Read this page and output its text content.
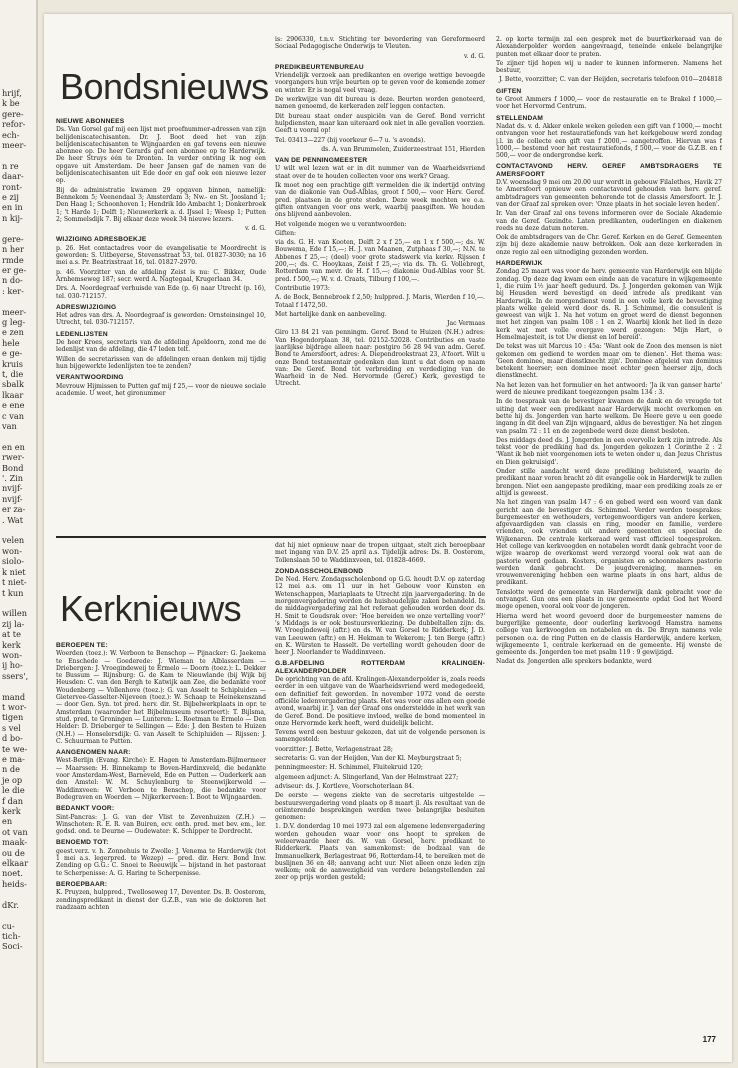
hrijf,
k be
gere-
refor-
ech-
meer-

n re
daar-
ront-
e zij
en in
n kij-

gere-
n her
rmde
er ge-
n do-
: ker-

meer-
g leg-
e zen
hele
e ge-
kruis
t, die
sbalk
lkaar
e ene
c van
van

en en
rwer-
Bond
'. Zin
nvijf-
nvijf-
er za-
. Wat

velen
won-
siolo-
k niet
t niet-
t kun

willen
zij la-
at te
kerk
won-
ij ho-
ssers',

mand
t wor-
tigen
s vel
d bo-
te we-
e ma-
n de
je op
le die
f dan
kerk
en
ot van
maak-
ou de
elkaar
noet.
heids-

dKr.

cu-
tich-
Soci-
Bondsnieuws
NIEUWE ABONNEES

Ds. Van Gorsel gaf mij een lijst met proefnummer-adressen van zijn belijdeniscatechisanten. Dr. J. Boot deed het van zijn belijdeniscatechisanten te Wijngaarden en gaf tevens een nieuwe abonnee op. De heer Gerards gaf een abonnee op te Harderwijk. De heer Struys één te Dronten. In verder ontving ik nog een opgave uit Amsterdam. De heer Jansen gaf de namen van de belijdeniscatechisanten uit Ede door en gaf ook een nieuwe lezer op.

Bij de administratie kwamen 29 opgaven binnen, namelijk: Bennekom 5; Veenendaal 3; Amsterdam 3; Nw.- en St. Joosland 1; Den Haag 1; Schoonhoven 1; Hendrik Ido Ambacht 1; Donkerbroek 1; 't Harde 1; Delft 1; Nieuwerkerk a. d. IJssel 1; Weesp 1; Putten 2; Sommelsdijk 7. Bij elkaar deze week 34 nieuwe lezers.

v. d. G.

WIJZIGING ADRESBOEKJE

p. 26. Het contactadres voor de evangelisatie te Moordrecht is geworden: S. Uitbeyerse, Stevensstraat 53, tel. 01827-3030; na 16 mei a.s. Pr. Beatrixstraat 16, tel. 01827-2970.

p. 46. Voorzitter van de afdeling Zeist is nu: C. Bikker, Oude Arnhemseweg 187; secr. werd A. Nagtegaal, Krugerlaan 34.

Drs. A. Noordegraaf verhuisde van Ede (p. 6) naar Utrecht (p. 16), tel. 030-712157.

ADRESWIJZIGING

Het adres van drs. A. Noordegraaf is geworden: Ornsteinsingel 10, Utrecht, tel. 030-712157.

LEDENLIJSTEN

De heer Kroes, secretaris van de afdeling Apeldoorn, zond me de ledenlijst van de afdeling, die 47 leden telt.

Willen de secretarissen van de afdelingen eraan denken mij tijdig hun bijgewerkte ledenlijsten toe te zenden?

VERANTWOORDING

Mevrouw Hijmissen te Putten gaf mij f 25,— voor de nieuwe sociale academie. U weet, het gironummer

is: 2906330, t.n.v. Stichting ter bevordering van Gereformeerd Sociaal Pedagogische Onderwijs te Vleuten.

v. d. G.

PREDIKBEURTENBUREAU

Vriendelijk verzoek aan predikanten en overige wettige bevoegde voorgangers hun vrije beurten op te geven voor de komende zomer en winter. Er is nogal veel vraag.

De werkwijze van dit bureau is deze. Beurten worden genoteerd, namen genoemd, de kerkeraden zelf leggen contacten.

Dit bureau staat onder auspiciën van de Geref. Bond verricht hulpdiensten, maar kan uiteraard ook niet in alle gevallen voorzien. Geeft u vooral op!

Tel. 03413—227 (bij voorkeur 6—7 u. 's avonds).

ds. A. van Brummelen, Zuiderzeestraat 151, Hierden

VAN DE PENNINGMEESTER

U wilt wel lezen wat er in dit nummer van de Waarheidsvriend staat over de te houden collecten voor ons werk? Graag.

Ik moet nog een prachtige gift vermelden die ik indertijd ontving van de diakonie van Oud-Alblas, groot f 500,— voor Herv. Geref. pred. plaatsen in de grote steden. Deze week mochten we o.a. giften ontvangen voor ons werk, waarbij paasgiften. We houden ons blijvend aanbevolen.

Het volgende mogen we u verantwoorden:

Giften:

via ds. G. H. van Kooten, Delft 2 x f 25,— en 1 x f 500,—; ds. W. Bouwema, Ede f 15,—; H. J. van Maanen, Zutphaas f 30,—; N.N. te Abbenes f 25,—; (deel) voor grote stadswerk via kerkv. Rijssen f 200,—; ds. C. Hooykaas, Zeist f 25,—; via ds. Th. G. Vollebregt, Rotterdam van mevr. de H. f 15,—; diakonie Oud-Alblas voor St. pred. f 500,—; W. v. d. Craats, Tilburg f 100,—.

Contributie 1973:

A. de Bock, Bennebroek f 2,50; hulppred. J. Maris, Wierden f 10,—. Totaal f 1472,50.

Met hartelijke dank en aanbeveling.

Jac Vermaas

Giro 13 84 21 van penningm. Geref. Bond te Huizen (N.H.) adres: Van Hogendorplaan 38, tel. 02152-52028. Contributies en vaste jaarlijkse bijdrage alleen naar: postgiro 56 28 94 van adm. Geref. Bond te Amersfoort, adres: A. Diependrookstraat 23, A'foort. Wilt u onze Bond testamentair gedenken dan kunt u dat doen op naam van: De Geref. Bond tot verbreiding en verdediging van de Waarheid in de Ned. Hervormde (Geref.) Kerk, gevestigd te Utrecht.

2. op korte termijn zal een gesprek met de buurtkerkeraad van de Alexanderpolder worden aangevraagd, teneinde enkele belangrijke punten met elkaar door te praten.

Te zijner tijd hopen wij u nader te kunnen informeren. Namens het bestuur,

J. Bette, voorzitter; C. van der Heijden, secretaris telefoon 010—204818

GIFTEN

te Groot Ammers f 1000,— voor de restauratie en te Brakel f 1000,— voor het Hervormd Centrum.

STELLENDAM

Nadat ds. v. d. Akker enkele weken geleden een gift van f 1000,— mocht ontvangen voor het restauratiefonds van het kerkgebouw werd zondag j.l. in de collecte een gift van f 2000,— aangetroffen. Hiervan was f 1000,— bestemd voor het restauratiefonds, f 500,— voor de G.Z.B. en f 500,— voor de ondergrondse kerk.

CONTACTAVOND HERV. GEREF AMBTSDRAGERS TE AMERSFOORT

D.V. woensdag 9 mei om 20.00 uur wordt in gebouw Filalethes, Havik 27 te Amersfoort opnieuw een contactavond gehouden van herv. geref. ambtsdragers van gemeenten behorende tot de classis Amersfoort. Ir. J. van der Graaf zal spreken over: 'Onze plaats in het sociale leven heden'.

Ir. Van der Graaf zal ons tevens informeren over de Sociale Akademie van de Geref. Gezindte. Laten predikanten, ouderlingen en diakenen reeds nu deze datum noteren.

Ook de ambtsdragers van de Chr. Geref. Kerken en de Geref. Gemeenten zijn bij deze akademie nauw betrokken. Ook aan deze kerkeraden in onze regio zal een uitnodiging gezonden worden.

HARDERWIJK

Zondag 25 maart was voor de herv. gemeente van Harderwijk een blijde zondag. Op deze dag kwam een einde aan de vacature in wijkgemeente 1, die ruim 1½ jaar heeft geduurd. Ds. J. Jongerden gekomen van Wijk bij Heusden werd bevestigd en deed intrede als predikant van Harderwijk. In de morgendienst vond in een volle kerk de bevestiging plaats welke geleid werd door ds. R. J. Schimmel, die consulent is geweest van wijk 1. Na het votum en groet werd de dienst begonnen met het zingen van psalm 108 : 1 en 2. Waarbij klonk het lied in deze kerk wat met volle overgave werd gezongen: 'Mijn Hart, o Hemelmajesteit, is tot Uw dienst en lof bereid'.

De tekst was uit Marcus 10 : 45a: 'Want ook de Zoon des mensen is niet gekomen om gediend te worden maar om te dienen'. Het thema was: 'Geen dominee, maar dienstknecht zijn'. Dominee afgeleid van dominus betekent heerser; een dominee moet echter geen heerser zijn, doch dienstknecht.

Na het lezen van het formulier en het antwoord: 'Ja ik van ganser harte' werd de nieuwe predikant toegezongen psalm 134 : 3.

In de toespraak van de bevestiger kwamen de dank en de vreugde tot uiting dat weer een predikant naar Harderwijk mocht overkomen en bette hij ds. Jongerden van harte welkom. De Heere geve u een goede ingang in dit deel van Zijn wijngaard, aldus de bevestiger. Na het zingen van psalm 72 : 11 en de zegenbede werd deze dienst besloten.

Des middags deed ds. J. Jongerden in een overvolle kerk zijn intrede. Als tekst voor de prediking had ds. Jongerden gekozen 1 Corinthe 2 : 2 'Want ik heb niet voorgenomen iets te weten onder u, dan Jezus Christus en Dien gekruisigd'.

Onder stille aandacht werd deze prediking beluisterd, waarin de predikant naar voren bracht zó dit evangelie ook in Harderwijk te zullen brengen. Niet een aangepaste prediking, maar een prediking zoals ze er altijd is geweest.

Na het zingen van psalm 147 : 6 en gebed werd een woord van dank gericht aan de bevestiger ds. Schimmel. Verder werden toesprakes: burgemeester en wethouders, vertegenwoordigers van andere kerken, afgevaardigden van classis en ring, mooder en familie, verdere vrienden, ook vrienden uit andere gemeenten en speciaal de Wijkenaren. De centrale kerkeraad werd vast officieel toegesproken. Het college van kerkvoogden en notabelen wordt dank gebracht voor de wijze waarop de overkomst werd verzorgd vooral ook wat aan de pastorie werd gedaan. Kosters, organisten en schoonmakers pastorie werden dank gebracht. De jeugdvereniging, mannen- en vrouwenvereniging hebben een warme plaats in ons hart, aldus de predikant.

Tenslotte werd de gemeente van Harderwijk dank gebracht voor de ontvangst. Gun ons een plaats in uw gemeente opdat God het Woord moge openen, vooral ook voor de jongeren.

Hierna werd het woord gevoerd door de burgemeester namens de burgerlijke gemeente, door ouderling kerkvoogd Hamstra namens college van kerkvoogden en notabelen en ds. De Bruyn namens vele personen o.a. de ring Putten en de classis Harderwijk, andere kerken, wijkgemeente 1, centrale kerkeraad en de gemeente. Hij wenste de gemeente ds. Jongerden toe met psalm 119 : 9 gewijzigd.

Nadat ds. Jongerden alle sprekers bedankte, werd

Kerknieuws
BEROEPEN TE:

Woerden (toez.): W. Verboon te Benschop — Pijnacker: G. Jaekema te Enschede — Goederede: J. Wieman te Alblasserdam — Driebergen: J. Vroegindeweij te Ermelo — Doorn (toez.): L. Dekker te Bussum — Rijnsburg: G. de Kam te Nieuwlande (bij Wijk bij Heusden: C. van den Bergh te Katwijk aan Zee, die bedankte voor Woudenberg — Vollenhove (toez.): G. van Asselt te Schipluiden — Gietervee-Gasselter-Nijeveen (toez.): W. Schaap te Heinekenszand — door Gen. Syn. tot pred. herv. dir. St. Bijbelwerkplaats in opr. te Amsterdam (waaronder het Bijbelmuseum resorteert): T. Bijlsma, stud. pred. te Groningen — Lunteren: L. Roetman te Ermelo — Den Helder: D. Drieberger te Sellingen — Ede: J. den Besten te Huizen (N.H.) — Honselersdijk: G. van Asselt te Schipluiden — Rijssen: J. C. Schuurman te Putten.

AANGENOMEN NAAR:

West-Berlijn (Evang. Kirche): E. Hagen te Amsterdam-Bijlmermeer — Maarssen: H. Binnekamp te Boven-Hardinxveld, die bedankte voor Amsterdam-West, Barneveld, Ede en Putten — Ouderkerk aan den Amstel: W. M. Schuylenburg te Steenwijkerwold — Waddinxveen: W. Verboon te Benschop, die bedankte voor Bodegraven en Woerden — Nijkerkerveen: I. Boot te Wijngaarden.

BEDANKT VOOR:

Sint-Pancras: J. G. van der Vlist te Zevenhuizen (Z.H.) — Winschoten: R. E. R. van Buiren, ecv. onth. pred. met bev. em., ler. godsd. ond. te Deurne — Oudewater: K. Schipper te Dordrecht.

BENOEMD TOT:

geest.verz. v. h. Zonnehuis te Zwolle: J. Venema te Harderwijk (tot 1 mei a.s. legerpred. te Wezep) — pred. dir. Herv. Bond Inw. Zending op G.G.: C. Snoei te Reeuwijk — bijstand in het pastoraat te Scherpenisse: A. G. Haring te Scherpenisse.

BEROEPBAAR:

K. Pruyzen, hulppred., Twelloseweg 17, Deventer. Ds. B. Oosterom, zendingspredikant in dienst der G.Z.B., van wie de doktoren het raadzaam achten

dat hij niet opnieuw naar de tropen uitgaat, stelt zich beroepbaar met ingang van D.V. 25 april a.s. Tijdelijk adres: Ds. B. Oosterom, Tollenslaan 50 te Waddinxveen, tel. 01828-4669.

ZONDAGSSCHOLENBOND

De Ned. Herv. Zondagsscholenbond op G.G. houdt D.V. op zaterdag 12 mei a.s. om 11 uur in het Gebouw voor Kunsten en Wetenschappen, Mariaplaats te Utrecht zijn jaarvergadering. In de morgenvergadering worden de huishoudelijke zaken behandeld. In de middagvergadering zal het referaat gehouden worden door ds. H. Smit te Goudsrak over: 'Hoe bereiden we onze vertelling voor?' 's Middags is er ook bestuursverkiezing. De dubbeltallen zijn: ds. W. Vroegindeweij (aftr.) en ds. W. van Gorsel te Ridderkerk; J. D. van Leeuwen (aftr.) en H. Hekman te Wekerom; J. ten Berge (aftr.) en K. Würsten te Hasselt. De vertelling wordt gehouden door de heer J. Noorlander te Waddinxveen.

G.B.AFDELING ROTTERDAM KRALINGEN-ALEXANDERPOLDER

De oprichting van de afd. Kralingen-Alexanderpolder is, zoals reeds eerder in een uitgave van de Waarheidsvriend werd medegedeeld, een definitief feit geworden. In november 1972 vond de eerste officiële ledenvergadering plaats. Het was voor ons allen een goede avond, waarbij ir. J. van der Graaf ons ondersteldde in het werk van de Geref. Bond. De positieve invloed, welke de bond momenteel in onze Hervormde kerk heeft, werd duidelijk belicht.

Tevens werd een bestuur gekozen, dat uit de volgende personen is samengesteld:

voorzitter: J. Bette, Verlagenstraat 28;

secretaris: G. van der Heijden, Van der Kl. Meyburgstraat 5;

penningmeester: H. Schimmel, Fluitekruid 120;

algemeen adjunct: A. Slingerland, Van der Helmstraat 227;

adviseur: ds. J. Kortleve, Voorschoterlaan 84.

De eerste — wegens ziekte van de secretaris uitgestelde — bestuursvergadering vond plaats op 8 maart jl. Als resultaat van de oriënterende besprekingen werden twee belangrijke besluiten genomen:

1. D.V. donderdag 10 mei 1973 zal een algemene ledenvergadering worden gehouden waar voor ons hoopt te spreken de weleerwaarde heer ds. W. van Gorsel, herv. predikant te Ridderkerk. Plaats van samenkomst: de bodzaal van de Immanuelkerk, Berlagestraat 96, Rotterdam-I4, te bereiken met de buslijnen 36 en 48; aanvang acht uur. Niet alleen onze leden zijn welkom; ook de aanwezigheid van verdere belangstellenden zal zeer op prijs worden gesteld;

177
